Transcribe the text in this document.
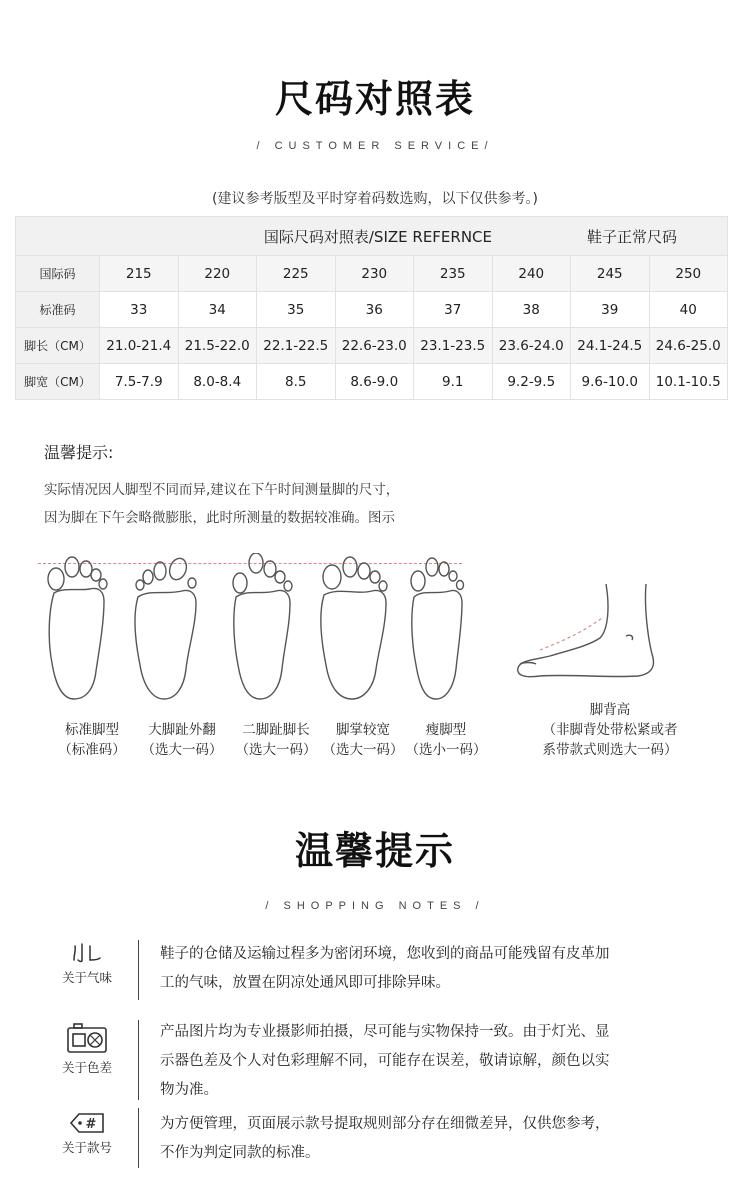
尺码对照表
/ CUSTOMER SERVICE/
(建议参考版型及平时穿着码数选购，以下仅供参考。)
	国际尺码对照表/SIZE REFERNCE					鞋子正常尺码		
国际码	215	220	225	230	235	240	245	250
标准码	33	34	35	36	37	38	39	40
脚长（CM）	21.0-21.4	21.5-22.0	22.1-22.5	22.6-23.0	23.1-23.5	23.6-24.0	24.1-24.5	24.6-25.0
脚宽（CM）	7.5-7.9	8.0-8.4	8.5	8.6-9.0	9.1	9.2-9.5	9.6-10.0	10.1-10.5
温馨提示:
实际情况因人脚型不同而异,建议在下午时间测量脚的尺寸，
因为脚在下午会略微膨胀，此时所测量的数据较准确。图示
标准脚型
（标准码）
大脚趾外翻
（选大一码）
二脚趾脚长
（选大一码）
脚掌较宽
（选大一码）
瘦脚型
（选小一码）
脚背高
（非脚背处带松紧或者
系带款式则选大一码）
温馨提示
/ SHOPPING NOTES /
关于气味
鞋子的仓储及运输过程多为密闭环境，您收到的商品可能残留有皮革加
工的气味，放置在阴凉处通风即可排除异味。
关于色差
产品图片均为专业摄影师拍摄，尽可能与实物保持一致。由于灯光、显
示器色差及个人对色彩理解不同，可能存在误差，敬请谅解，颜色以实
物为准。
#
关于款号
为方便管理，页面展示款号提取规则部分存在细微差异，仅供您参考，
不作为判定同款的标准。
